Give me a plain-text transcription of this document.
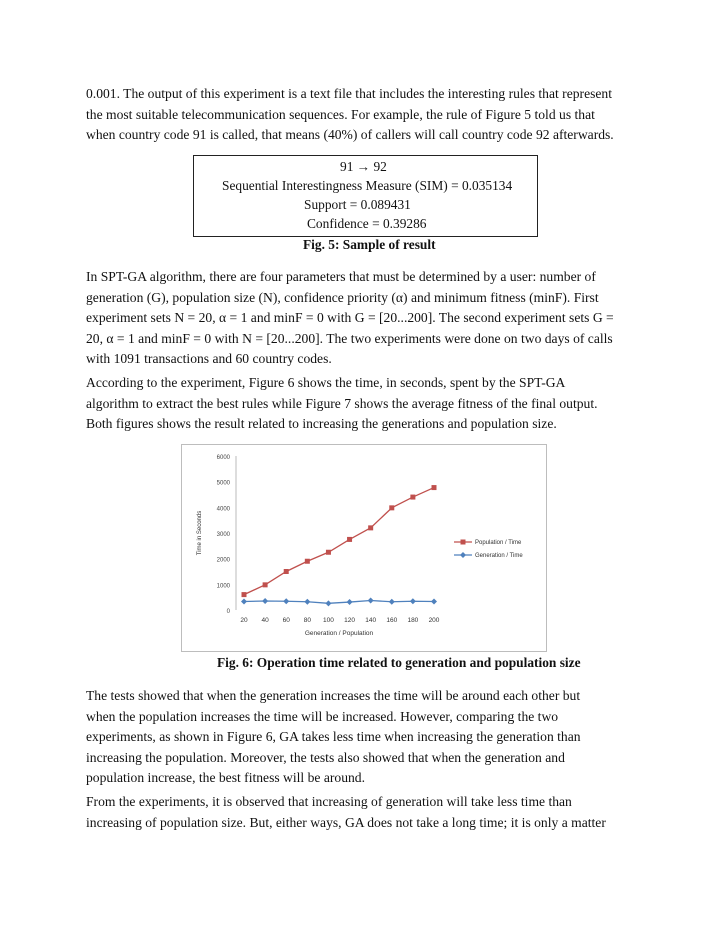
0.001. The output of this experiment is a text file that includes the interesting rules that represent
the most suitable telecommunication sequences. For example, the rule of Figure 5 told us that
when country code 91 is called, that means (40%) of callers will call country code 92 afterwards.
91 → 92
Sequential Interestingness Measure (SIM) = 0.035134
Support = 0.089431
Confidence = 0.39286
Fig. 5: Sample of result
In SPT-GA algorithm, there are four parameters that must be determined by a user: number of
generation (G), population size (N), confidence priority (α) and minimum fitness (minF). First
experiment sets N = 20, α = 1 and minF = 0 with G = [20...200]. The second experiment sets G =
20, α = 1 and minF = 0 with N = [20...200]. The two experiments were done on two days of calls
with 1091 transactions and 60 country codes.
According to the experiment, Figure 6 shows the time, in seconds, spent by the SPT-GA
algorithm to extract the best rules while Figure 7 shows the average fitness of the final output.
Both figures shows the result related to increasing the generations and population size.
0
1000
2000
3000
4000
5000
6000
20 40 60 80 100 120 140 160 180 200
Generation / Population
Time in Seconds	Population / Time
Generation / Time
Fig. 6: Operation time related to generation and population size
The tests showed that when the generation increases the time will be around each other but
when the population increases the time will be increased. However, comparing the two
experiments, as shown in Figure 6, GA takes less time when increasing the generation than
increasing the population. Moreover, the tests also showed that when the generation and
population increase, the best fitness will be around.
From the experiments, it is observed that increasing of generation will take less time than
increasing of population size. But, either ways, GA does not take a long time; it is only a matter
